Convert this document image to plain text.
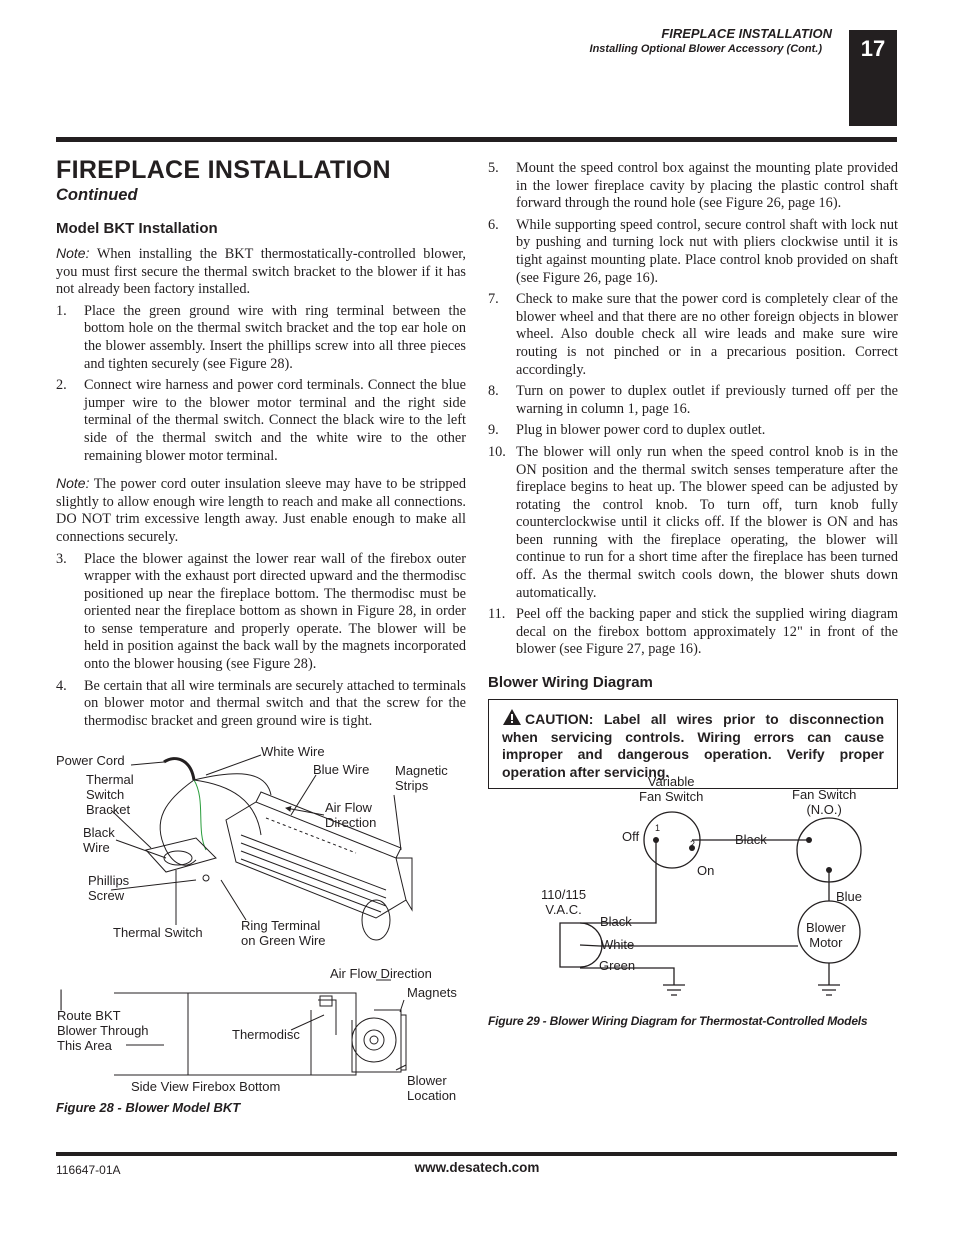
FIREPLACE INSTALLATION
Installing Optional Blower Accessory (Cont.)	17
FIREPLACE INSTALLATION
Continued
Model BKT Installation

Note: When installing the BKT thermostatically-controlled blower, you must first secure the thermal switch bracket to the blower if it has not already been factory installed.

1.	Place the green ground wire with ring terminal between the bottom hole on the thermal switch bracket and the top ear hole on the blower assembly. Insert the phillips screw into all three pieces and tighten securely (see Figure 28).
2.	Connect wire harness and power cord terminals. Connect the blue jumper wire to the blower motor terminal and the right side terminal of the thermal switch. Connect the black wire to the left side of the thermal switch and the white wire to the other remaining blower motor terminal.

Note: The power cord outer insulation sleeve may have to be stripped slightly to allow enough wire length to reach and make all connections. DO NOT trim excessive length away. Just enable enough to make all connections securely.

3.	Place the blower against the lower rear wall of the firebox outer wrapper with the exhaust port directed upward and the thermodisc positioned up near the fireplace bottom. The thermodisc must be oriented near the fireplace bottom as shown in Figure 28, in order to sense temperature and properly operate. The blower will be held in position against the back wall by the magnets incorporated onto the blower housing (see Figure 28).
4.	Be certain that all wire terminals are securely attached to terminals on blower motor and thermal switch and that the screw for the thermodisc bracket and green ground wire is tight.
5.	Mount the speed control box against the mounting plate provided in the lower fireplace cavity by placing the plastic control shaft forward through the round hole (see Figure 26, page 16).
6.	While supporting speed control, secure control shaft with lock nut by pushing and turning lock nut with pliers clockwise until it is tight against mounting plate. Place control knob provided on shaft (see Figure 26, page 16).
7.	Check to make sure that the power cord is completely clear of the blower wheel and that there are no other foreign objects in blower wheel. Also double check all wire leads and make sure wire routing is not pinched or in a precarious position. Correct accordingly.
8.	Turn on power to duplex outlet if previously turned off per the warning in column 1, page 16.
9.	Plug in blower power cord to duplex outlet.
10. The blower will only run when the speed control knob is in the ON position and the thermal switch senses temperature after the fireplace begins to heat up. The blower speed can be adjusted by rotating the control knob. To turn off, turn knob fully counterclockwise until it clicks off. If the blower is ON and has been running with the fireplace operating, the blower will continue to run for a short time after the fireplace has been turned off. As the thermal switch cools down, the blower shuts down automatically.
11. Peel off the backing paper and stick the supplied wiring diagram decal on the firebox bottom approximately 12" in front of the blower (see Figure 27, page 16).
Blower Wiring Diagram
CAUTION: Label all wires prior to disconnection when servicing controls. Wiring errors can cause improper and dangerous operation. Verify proper operation after servicing.
Power Cord
White Wire
Thermal
Switch
Bracket
Blue Wire Magnetic
Strips
Air Flow
Direction
Black
Wire
Phillips
Screw
Thermal Switch	Ring Terminal
on Green Wire
Air Flow Direction
Magnets
Route BKT
Blower Through
This Area
Thermodisc
Side View Firebox Bottom	Blower
Location
Figure 28 - Blower Model BKT
Variable
Fan Switch	Fan Switch
(N.O.)
Off
1
2	Black
On
Blue
110/115
V.A.C.
Black
White
Green
Blower
Motor
Figure 29 - Blower Wiring Diagram for Thermostat-Controlled Models
116647-01A	www.desatech.com
